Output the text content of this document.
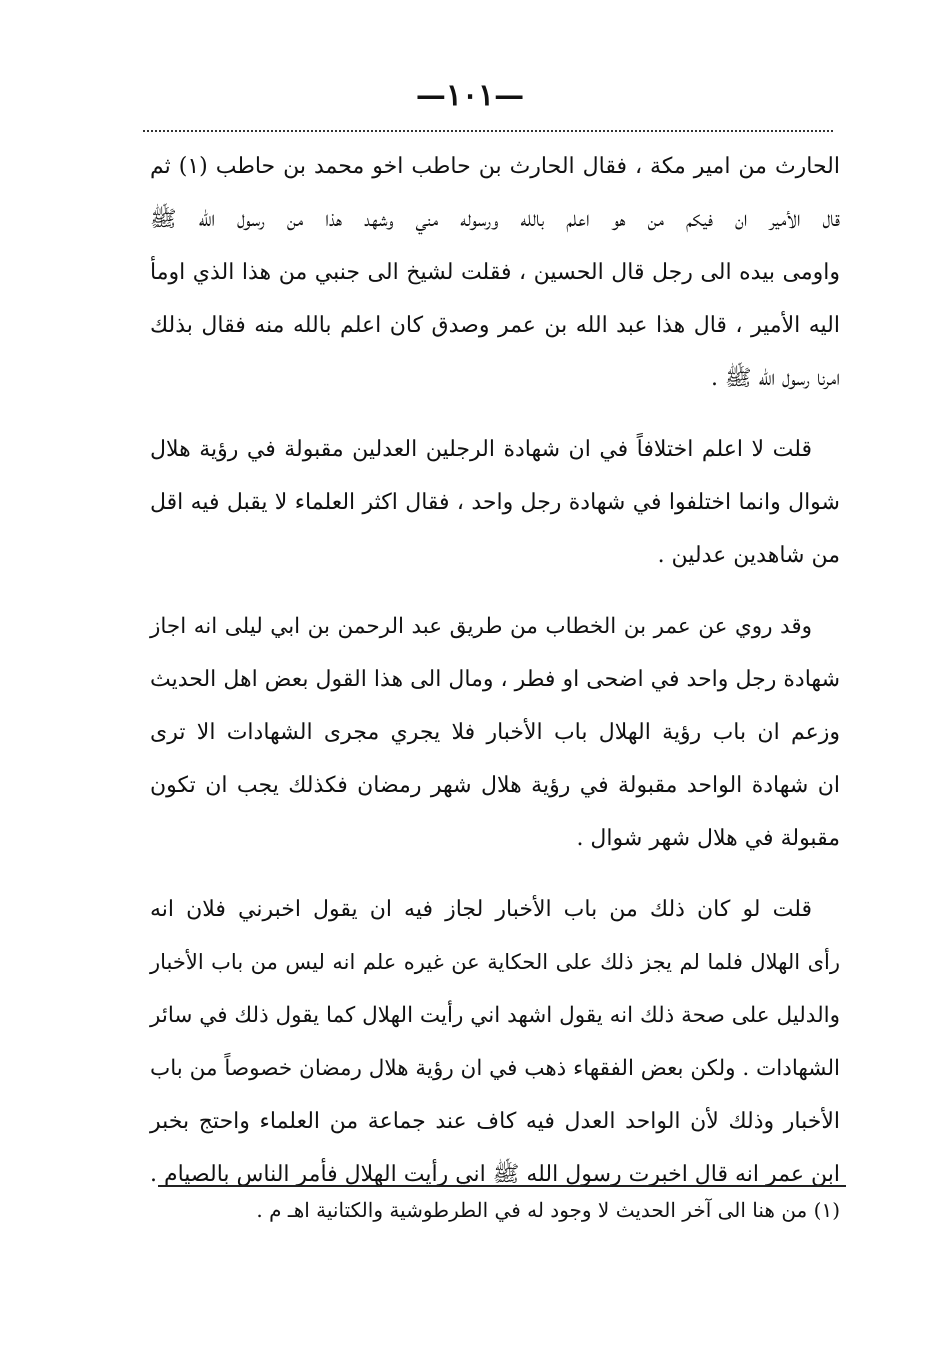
—١٠١—
الحارث من امير مكة ، فقال الحارث بن حاطب اخو محمد بن حاطب (١) ثم
قال الأمير ان فيكم من هو اعلم بالله ورسوله مني وشهد هذا من رسول الله ﷺ
واومى بيده الى رجل قال الحسين ، فقلت لشيخ الى جنبي من هذا الذي اومأ
اليه الأمير ، قال هذا عبد الله بن عمر وصدق كان اعلم بالله منه فقال بذلك
امرنا رسول الله ﷺ .
قلت لا اعلم اختلافاً في ان شهادة الرجلين العدلين مقبولة في رؤية هلال
شوال وانما اختلفوا في شهادة رجل واحد ، فقال اكثر العلماء لا يقبل فيه اقل
من شاهدين عدلين .
وقد روي عن عمر بن الخطاب من طريق عبد الرحمن بن ابي ليلى انه اجاز
شهادة رجل واحد في اضحى او فطر ، ومال الى هذا القول بعض اهل الحديث
وزعم ان باب رؤية الهلال باب الأخبار فلا يجري مجرى الشهادات الا ترى
ان شهادة الواحد مقبولة في رؤية هلال شهر رمضان فكذلك يجب ان تكون
مقبولة في هلال شهر شوال .
قلت لو كان ذلك من باب الأخبار لجاز فيه ان يقول اخبرني فلان انه
رأى الهلال فلما لم يجز ذلك على الحكاية عن غيره علم انه ليس من باب الأخبار
والدليل على صحة ذلك انه يقول اشهد اني رأيت الهلال كما يقول ذلك في سائر
الشهادات . ولكن بعض الفقهاء ذهب في ان رؤية هلال رمضان خصوصاً من باب
الأخبار وذلك لأن الواحد العدل فيه كاف عند جماعة من العلماء واحتج بخبر
ابن عمر انه قال اخبرت رسول الله ﷺ اني رأيت الهلال فأمر الناس بالصيام .
(١) من هنا الى آخر الحديث لا وجود له في الطرطوشية والكتانية اهـ م .
